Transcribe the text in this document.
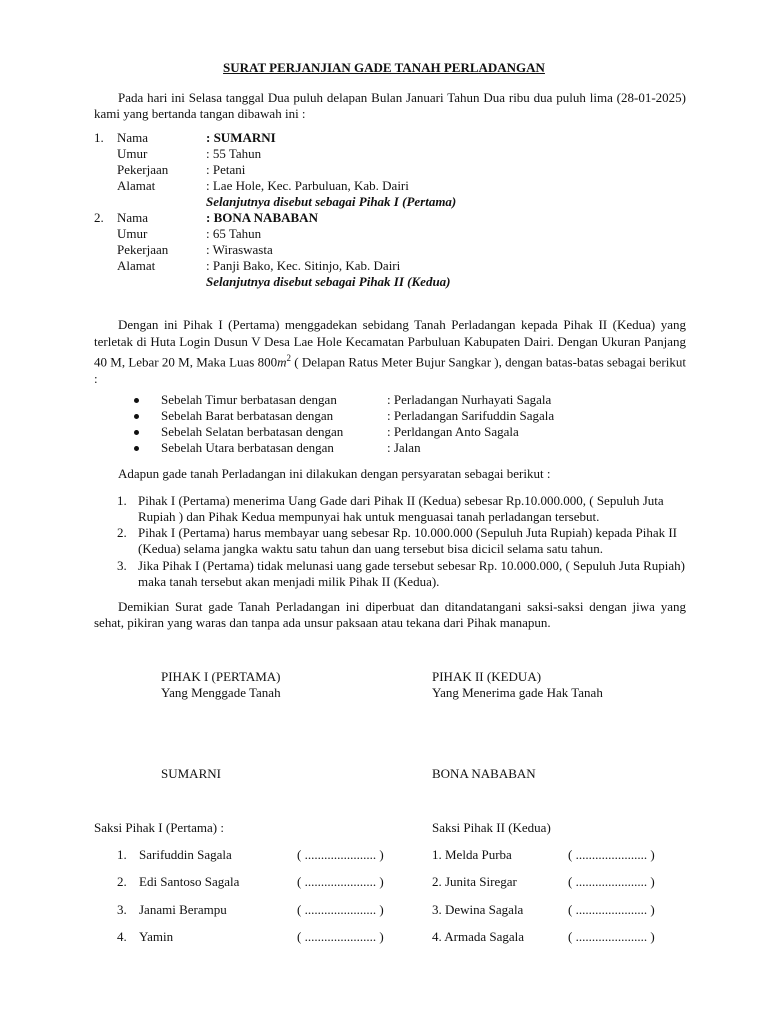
SURAT PERJANJIAN GADE TANAH PERLADANGAN
Pada hari ini Selasa tanggal Dua puluh delapan Bulan Januari Tahun Dua ribu dua puluh lima (28-01-2025) kami yang bertanda tangan dibawah ini :
1. Nama	: SUMARNI
Umur	: 55 Tahun
Pekerjaan	: Petani
Alamat	: Lae Hole, Kec. Parbuluan, Kab. Dairi
Selanjutnya disebut sebagai Pihak I (Pertama)
2. Nama	: BONA NABABAN
Umur	: 65 Tahun
Pekerjaan	: Wiraswasta
Alamat	: Panji Bako, Kec. Sitinjo, Kab. Dairi
Selanjutnya disebut sebagai Pihak II (Kedua)
Dengan ini Pihak I (Pertama) menggadekan sebidang Tanah Perladangan kepada Pihak II (Kedua) yang terletak di Huta Login Dusun V Desa Lae Hole Kecamatan Parbuluan Kabupaten Dairi. Dengan Ukuran Panjang 40 M, Lebar 20 M, Maka Luas $800m^2$ ( Delapan Ratus Meter Bujur Sangkar ), dengan batas-batas sebagai berikut :
Sebelah Timur berbatasan dengan	: Perladangan Nurhayati Sagala
Sebelah Barat berbatasan dengan	: Perladangan Sarifuddin Sagala
Sebelah Selatan berbatasan dengan	: Perldangan Anto Sagala
Sebelah Utara berbatasan dengan	: Jalan
Adapun gade tanah Perladangan ini dilakukan dengan persyaratan sebagai berikut :
1. Pihak I (Pertama) menerima Uang Gade dari Pihak II (Kedua) sebesar Rp.10.000.000, ( Sepuluh Juta Rupiah ) dan Pihak Kedua mempunyai hak untuk menguasai tanah perladangan tersebut.
2. Pihak I (Pertama) harus membayar uang sebesar Rp. 10.000.000 (Sepuluh Juta Rupiah) kepada Pihak II (Kedua) selama jangka waktu satu tahun dan uang tersebut bisa dicicil selama satu tahun.
3. Jika Pihak I (Pertama) tidak melunasi uang gade tersebut sebesar Rp. 10.000.000, ( Sepuluh Juta Rupiah) maka tanah tersebut akan menjadi milik Pihak II (Kedua).
Demikian Surat gade Tanah Perladangan ini diperbuat dan ditandatangani saksi-saksi dengan jiwa yang sehat, pikiran yang waras dan tanpa ada unsur paksaan atau tekana dari Pihak manapun.
PIHAK I (PERTAMA)
Yang Menggade Tanah
PIHAK II (KEDUA)
Yang Menerima gade Hak Tanah
SUMARNI	BONA NABABAN
Saksi Pihak I (Pertama) :	Saksi Pihak II (Kedua)
1. Sarifuddin Sagala	( ...................... )
2. Edi Santoso Sagala	( ...................... )
3. Janami Berampu	( ...................... )
4. Yamin	( ...................... )
1. Melda Purba	( ...................... )
2. Junita Siregar	( ...................... )
3. Dewina Sagala	( ...................... )
4. Armada Sagala	( ...................... )
